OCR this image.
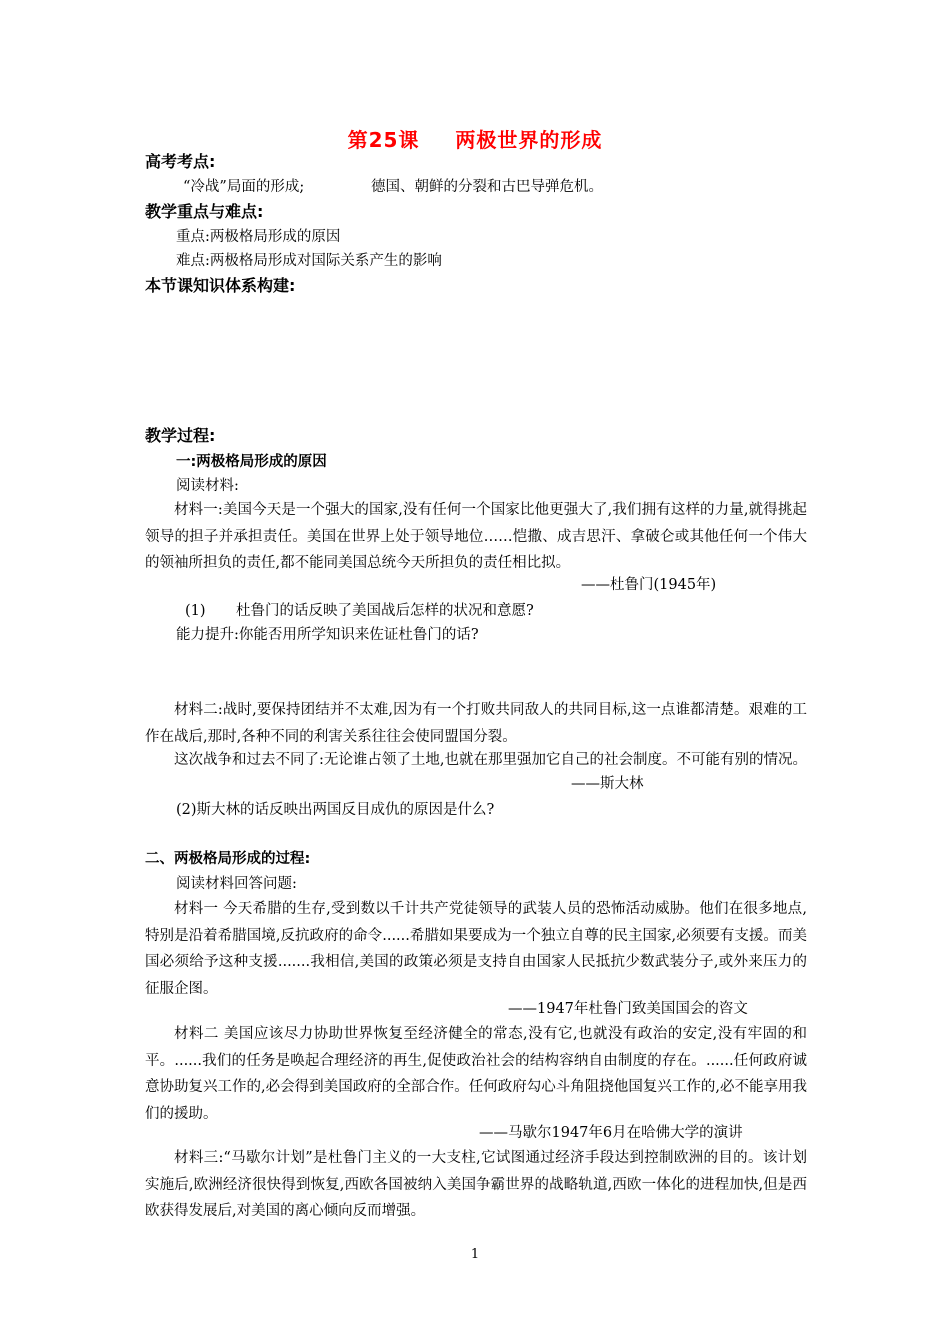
第25课 两极世界的形成
高考考点:
“冷战”局面的形成;	德国、朝鲜的分裂和古巴导弹危机。
教学重点与难点:
重点:两极格局形成的原因
难点:两极格局形成对国际关系产生的影响
本节课知识体系构建:
教学过程:
一:两极格局形成的原因
阅读材料:
材料一:美国今天是一个强大的国家,没有任何一个国家比他更强大了,我们拥有这样的力量,就得挑起领导的担子并承担责任。美国在世界上处于领导地位……恺撒、成吉思汗、拿破仑或其他任何一个伟大的领袖所担负的责任,都不能同美国总统今天所担负的责任相比拟。
——杜鲁门(1945年)
(1) 杜鲁门的话反映了美国战后怎样的状况和意愿?
能力提升:你能否用所学知识来佐证杜鲁门的话?
材料二:战时,要保持团结并不太难,因为有一个打败共同敌人的共同目标,这一点谁都清楚。艰难的工作在战后,那时,各种不同的利害关系往往会使同盟国分裂。
这次战争和过去不同了:无论谁占领了土地,也就在那里强加它自己的社会制度。不可能有别的情况。
——斯大林
(2)斯大林的话反映出两国反目成仇的原因是什么?
二、两极格局形成的过程:
阅读材料回答问题:
材料一 今天希腊的生存,受到数以千计共产党徒领导的武装人员的恐怖活动威胁。他们在很多地点,特别是沿着希腊国境,反抗政府的命令......希腊如果要成为一个独立自尊的民主国家,必须要有支援。而美国必须给予这种支援.......我相信,美国的政策必须是支持自由国家人民抵抗少数武装分子,或外来压力的征服企图。
——1947年杜鲁门致美国国会的咨文
材料二 美国应该尽力协助世界恢复至经济健全的常态,没有它,也就没有政治的安定,没有牢固的和平。......我们的任务是唤起合理经济的再生,促使政治社会的结构容纳自由制度的存在。......任何政府诚意协助复兴工作的,必会得到美国政府的全部合作。任何政府勾心斗角阻挠他国复兴工作的,必不能享用我们的援助。
——马歇尔1947年6月在哈佛大学的演讲
材料三:“马歇尔计划”是杜鲁门主义的一大支柱,它试图通过经济手段达到控制欧洲的目的。该计划实施后,欧洲经济很快得到恢复,西欧各国被纳入美国争霸世界的战略轨道,西欧一体化的进程加快,但是西欧获得发展后,对美国的离心倾向反而增强。
1
